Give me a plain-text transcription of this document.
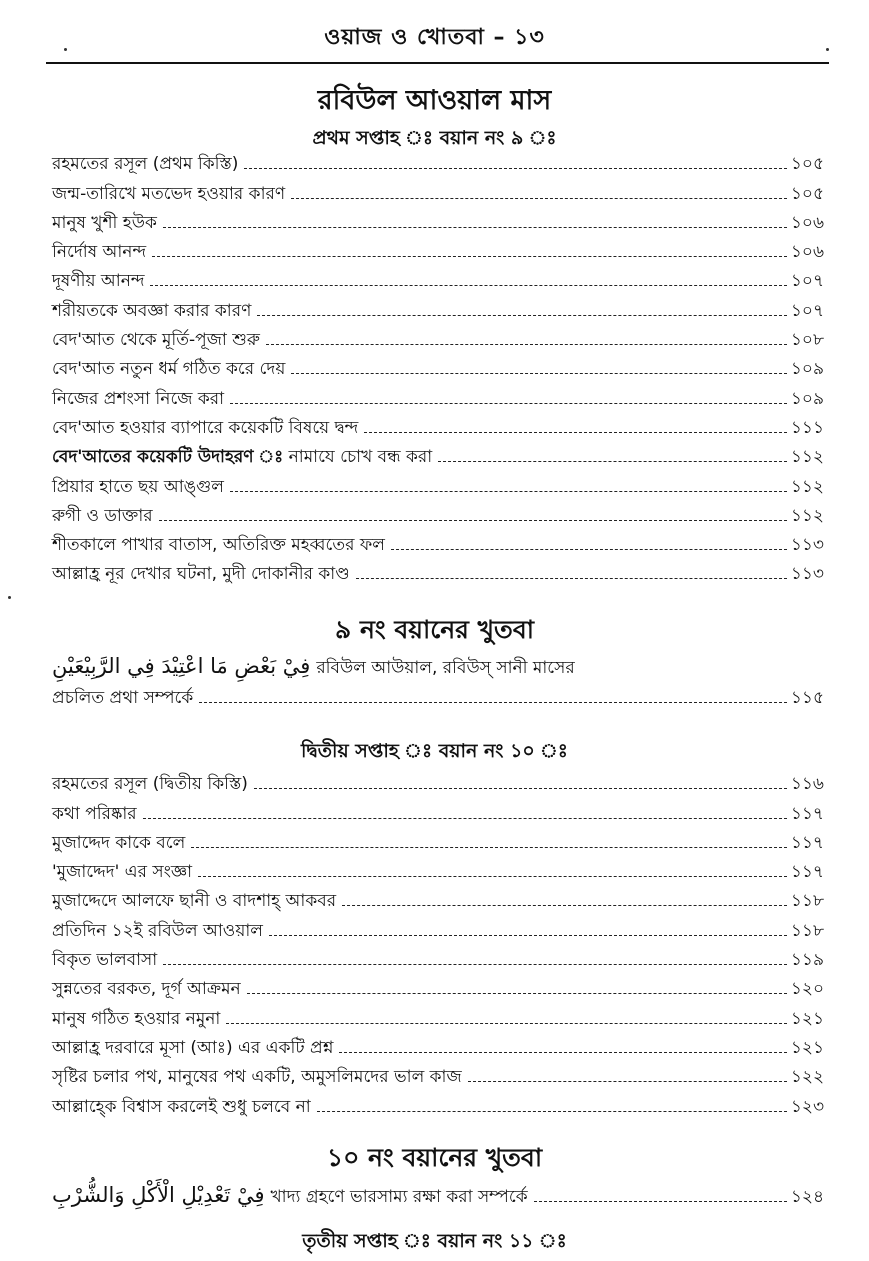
ওয়াজ ও খোতবা – ১৩
রবিউল আওয়াল মাস
প্রথম সপ্তাহ ঃ বয়ান নং ৯ ঃ
রহমতের রসূল (প্রথম কিস্তি)	১০৫
জন্ম-তারিখে মতভেদ হওয়ার কারণ	১০৫
মানুষ খুশী হউক	১০৬
নির্দোষ আনন্দ	১০৬
দূষণীয় আনন্দ	১০৭
শরীয়তকে অবজ্ঞা করার কারণ	১০৭
বেদ'আত থেকে মূর্তি-পূজা শুরু	১০৮
বেদ'আত নতুন ধর্ম গঠিত করে দেয়	১০৯
নিজের প্রশংসা নিজে করা	১০৯
বেদ'আত হওয়ার ব্যাপারে কয়েকটি বিষয়ে দ্বন্দ	১১১
বেদ'আতের কয়েকটি উদাহরণ ঃ নামাযে চোখ বন্ধ করা	১১২
প্রিয়ার হাতে ছয় আঙ্গুল	১১২
রুগী ও ডাক্তার	১১২
শীতকালে পাখার বাতাস, অতিরিক্ত মহব্বতের ফল	১১৩
আল্লাহ্র নূর দেখার ঘটনা, মুদী দোকানীর কাণ্ড	১১৩
৯ নং বয়ানের খুতবা
فِيْ بَعْضِ مَا اعْتِيْدَ فِي الرَّبِيْعَيْنِ রবিউল আউয়াল, রবিউস্ সানী মাসের
প্রচলিত প্রথা সম্পর্কে	১১৫
দ্বিতীয় সপ্তাহ ঃ বয়ান নং ১০ ঃ
রহমতের রসূল (দ্বিতীয় কিস্তি)	১১৬
কথা পরিষ্কার	১১৭
মুজাদ্দেদ কাকে বলে	১১৭
'মুজাদ্দেদ' এর সংজ্ঞা	১১৭
মুজাদ্দেদে আলফে ছানী ও বাদশাহ্ আকবর	১১৮
প্রতিদিন ১২ই রবিউল আওয়াল	১১৮
বিকৃত ভালবাসা	১১৯
সুন্নতের বরকত, দূর্গ আক্রমন	১২০
মানুষ গঠিত হওয়ার নমুনা	১২১
আল্লাহ্র দরবারে মূসা (আঃ) এর একটি প্রশ্ন	১২১
সৃষ্টির চলার পথ, মানুষের পথ একটি, অমুসলিমদের ভাল কাজ	১২২
আল্লাহ্কে বিশ্বাস করলেই শুধু চলবে না	১২৩
১০ নং বয়ানের খুতবা
فِيْ تَعْدِيْلِ الْأَكْلِ وَالشُّرْبِ খাদ্য গ্রহণে ভারসাম্য রক্ষা করা সম্পর্কে	১২৪
তৃতীয় সপ্তাহ ঃ বয়ান নং ১১ ঃ
